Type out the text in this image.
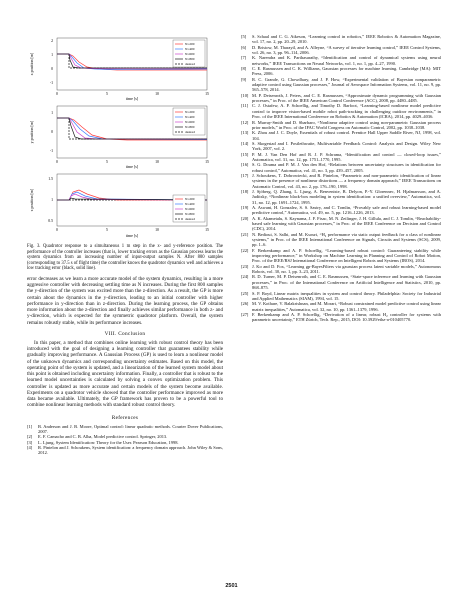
x position [m]
2
1
0
-1
0	5	10	15
time [s]
N=200
N=400
N=600
N=800
desired
y position [m]
1
0
-1
0	5	10	15
time [s]
N=200
N=400
N=600
N=800
desired
z position [m]
1.5
1
0.5
0	5	10	15
time [s]
N=200
N=400
N=600
N=800
desired
Fig. 3. Quadrotor response to a simultaneous 1 m step in the x- and y-reference position. The performance of the controller increases (that is, lower tracking errors as the Gaussian process learns the system dynamics from an increasing number of input-output samples N. After 800 samples (corresponding to 37.5 s of flight time) the controller knows the quadrotor dynamics well and achieves a low tracking error (black, solid line).

error decreases as we learn a more accurate model of the system dynamics, resulting in a more aggressive controller with decreasing settling time as N increases. During the first 800 samples the y-direction of the system was excited more than the z-direction. As a result, the GP is more certain about the dynamics in the y-direction, leading to an initial controller with higher performance in y-direction than in z-direction. During the learning process, the GP obtains more information about the z-direction and finally achieves similar performance in both z- and y-direction, which is expected for the symmetric quadrotor platform. Overall, the system remains robustly stable, while its performance increases.

VIII. Conclusion

In this paper, a method that combines online learning with robust control theory has been introduced with the goal of designing a learning controller that guarantees stability while gradually improving performance. A Gaussian Process (GP) is used to learn a nonlinear model of the unknown dynamics and corresponding uncertainty estimates. Based on this model, the operating point of the system is updated, and a linearization of the learned system model about this point is obtained including uncertainty information. Finally, a controller that is robust to the learned model uncertainties is calculated by solving a convex optimization problem. This controller is updated as more accurate and certain models of the system become available. Experiments on a quadrotor vehicle showed that the controller performance improved as more data became available. Ultimately, the GP framework has proven to be a powerful tool to combine nonlinear learning methods with standard robust control theory.

References
[1]	B. Anderson and J. B. Moore, Optimal control: linear quadratic methods. Courier Dover Publications, 2007.
[2]	E. F. Camacho and C. B. Alba, Model predictive control. Springer, 2013.
[3]	L. Ljung, System Identification: Theory for the User. Pearson Education, 1998.
[4]	R. Pintelon and J. Schoukens, System identification: a frequency domain approach. John Wiley & Sons, 2012.
[5]	S. Schaal and C. G. Atkeson, “Learning control in robotics,” IEEE Robotics & Automation Magazine, vol. 17, no. 2, pp. 20–29, 2010.
[6]	D. Bristow, M. Tharayil, and A. Alleyne, “A survey of iterative learning control,” IEEE Control Systems, vol. 26, no. 3, pp. 96–114, 2006.
[7]	K. Narendra and K. Parthasarathy, “Identification and control of dynamical systems using neural networks,” IEEE Transactions on Neural Networks, vol. 1, no. 1, pp. 4–27, 1990.
[8]	C. E. Rasmussen and C. K. Williams, Gaussian processes for machine learning. Cambridge [MA]: MIT Press, 2006.
[9]	R. C. Grande, G. Chowdhary, and J. P. How, “Experimental validation of Bayesian nonparametric adaptive control using Gaussian processes,” Journal of Aerospace Information Systems, vol. 11, no. 9, pp. 565–578, 2014.
[10] M. P. Deisenroth, J. Peters, and C. E. Rasmussen, “Approximate dynamic programming with Gaussian processes,” in Proc. of the IEEE American Control Conference (ACC), 2008, pp. 4480–4485.
[11] C. J. Ostafew, A. P. Schoellig, and Timothy D. Barfoot, “Learning-based nonlinear model predictive control to improve vision-based mobile robot path-tracking in challenging outdoor environments,” in Proc. of the IEEE International Conference on Robotics & Automation (ICRA), 2014, pp. 4029–4036.
[12] R. Murray-Smith and D. Sbarbaro, “Nonlinear adaptive control using non-parametric Gaussian process prior models,” in Proc. of the IFAC World Congress on Automatic Control, 2002, pp. 1038–1038.
[13] K. Zhou and J. C. Doyle, Essentials of robust control. Prentice Hall Upper Saddle River, NJ, 1998, vol. 104.
[14] S. Skogestad and I. Postlethwaite, Multivariable Feedback Control: Analysis and Design. Wiley New York, 2007, vol. 2.
[15] P. M. J. Van Den Hof and R. J. P. Schrama, “Identification and control — closed-loop issues,” Automatica, vol. 31, no. 12, pp. 1751–1770, 1995.
[16] S. G. Douma and P. M. J. Van den Hof, “Relations between uncertainty structures in identification for robust control,” Automatica, vol. 41, no. 3, pp. 439–457, 2005.
[17] J. Schoukens, T. Dobrowiecki, and R. Pintelon, “Parametric and non-parametric identification of linear systems in the presence of nonlinear distortions — a frequency domain approach,” IEEE Transactions on Automatic Control, vol. 43, no. 2, pp. 176–190, 1998.
[18] J. Sjöberg, Q. Zhang, L. Ljung, A. Benveniste, B. Delyon, P.-Y. Glorennec, H. Hjalmarsson, and A. Juditsky, “Nonlinear black-box modeling in system identification: a unified overview,” Automatica, vol. 31, no. 12, pp. 1691–1724, 1995.
[19] A. Aswani, H. Gonzalez, S. S. Sastry, and C. Tomlin, “Provably safe and robust learning-based model predictive control,” Automatica, vol. 49, no. 5, pp. 1216–1226, 2013.
[20] A. K. Akametalu, S. Kaynama, J. F. Fisac, M. N. Zeilinger, J. H. Gillula, and C. J. Tomlin, “Reachability-based safe learning with Gaussian processes,” in Proc. of the IEEE Conference on Decision and Control (CDC), 2014.
[21] N. Bedioui, S. Salhi, and M. Ksouri, “H₂ performance via static output feedback for a class of nonlinear systems,” in Proc. of the IEEE International Conference on Signals, Circuits and Systems (SCS), 2009, pp. 1–6.
[22] F. Berkenkamp and A. P. Schoellig, “Learning-based robust control: Guaranteeing stability while improving performance,” in Workshop on Machine Learning in Planning and Control of Robot Motion, Proc. of the IEEE/RSJ International Conference on Intelligent Robots and Systems (IROS), 2014.
[23] J. Ko and D. Fox, “Learning gp-BayesFilters via gaussian process latent variable models,” Autonomous Robots, vol. 30, no. 1, pp. 3–23, 2011.
[24] R. D. Turner, M. P. Deisenroth, and C. E. Rasmussen, “State-space inference and learning with Gaussian processes,” in Proc. of the International Conference on Artificial Intelligence and Statistics, 2010, pp. 868–875.
[25] S. P. Boyd, Linear matrix inequalities in system and control theory. Philadelphia: Society for Industrial and Applied Mathematics (SIAM), 1994, vol. 15.
[26] M. V. Kothare, V. Balakrishnan, and M. Morari, “Robust constrained model predictive control using linear matrix inequalities,” Automatica, vol. 32, no. 10, pp. 1361–1379, 1996.
[27] F. Berkenkamp and A. P. Schoellig, “Derivation of a linear, robust H₂ controller for systems with parametric uncertainty,” ETH Zürich, Tech. Rep., 2015, DOI: 10.3929/ethz-a-010405770.
2501
